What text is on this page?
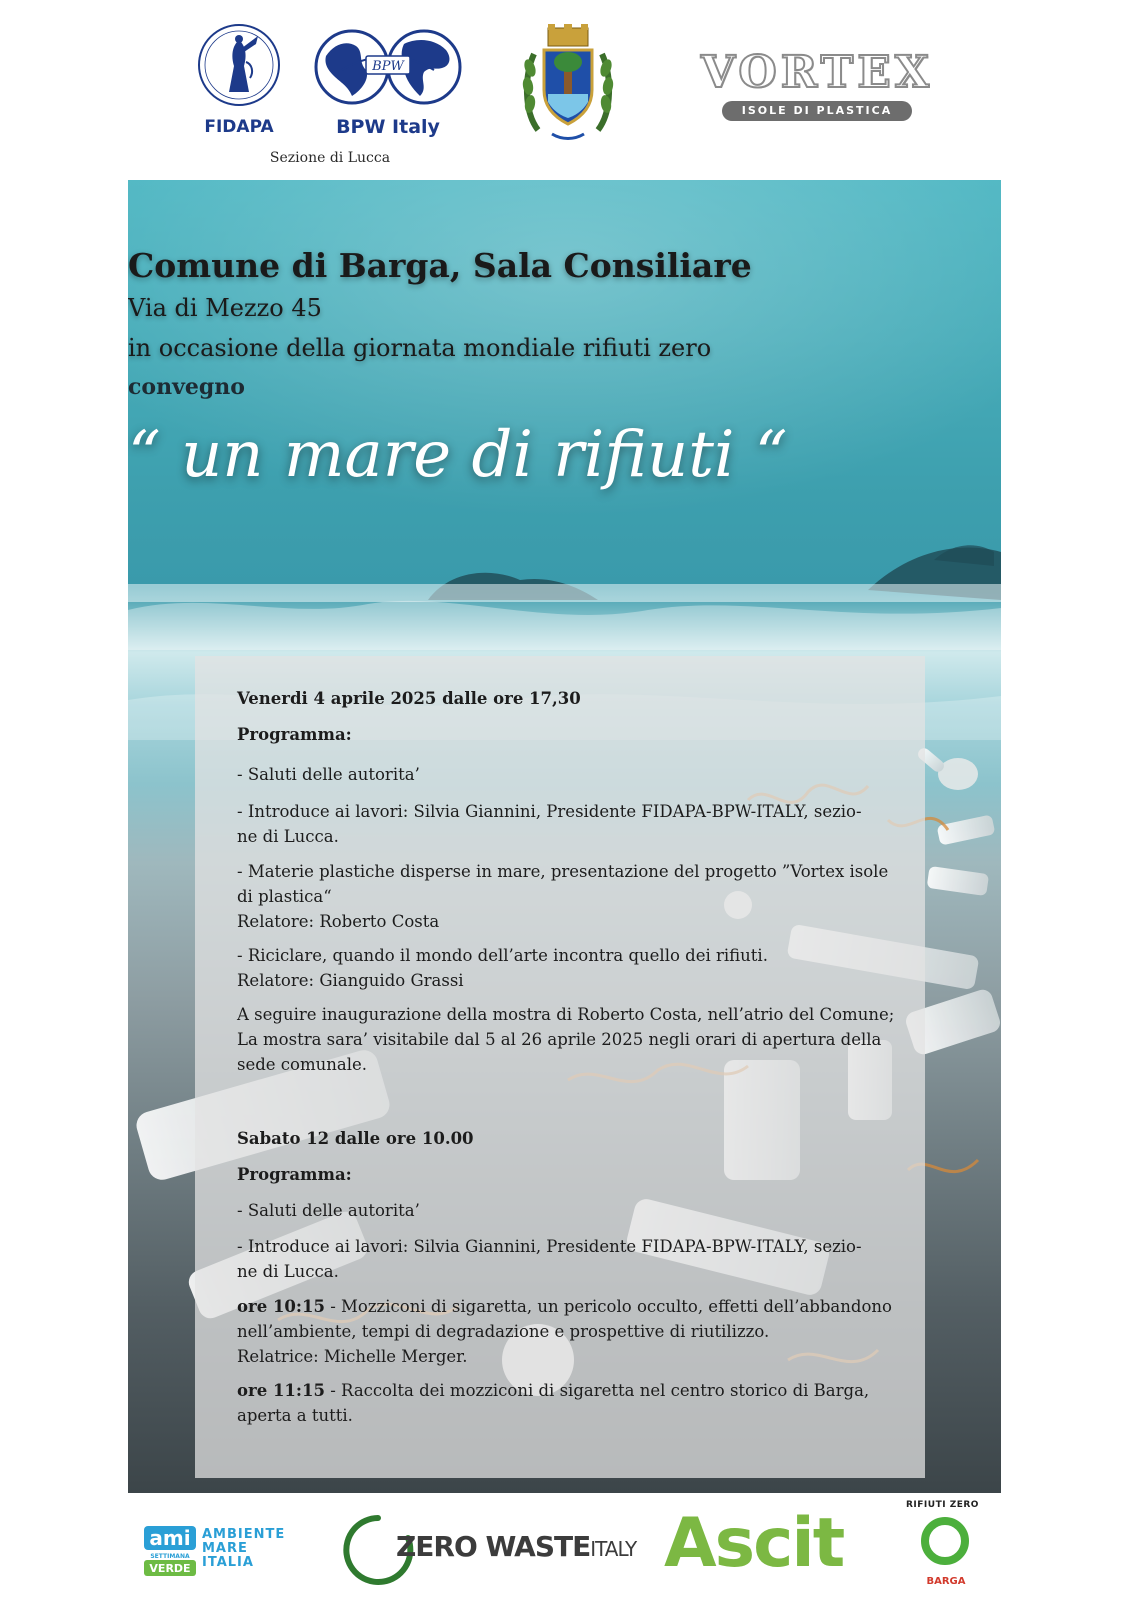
FIDAPA
BPW
BPW Italy
Sezione di Lucca
VORTEX
ISOLE DI PLASTICA
Comune di Barga, Sala Consiliare
Via di Mezzo 45
in occasione della giornata mondiale rifiuti zero
convegno
“ un mare di rifiuti “
Venerdi 4 aprile 2025 dalle ore 17,30
Programma:
- Saluti delle autorita’
- Introduce ai lavori: Silvia Giannini, Presidente FIDAPA-BPW-ITALY, sezio-
ne di Lucca.
- Materie plastiche disperse in mare, presentazione del progetto ”Vortex isole
di plastica“
Relatore: Roberto Costa
- Riciclare, quando il mondo dell’arte incontra quello dei rifiuti.
Relatore: Gianguido Grassi
A seguire inaugurazione della mostra di Roberto Costa, nell’atrio del Comune;
La mostra sara’ visitabile dal 5 al 26 aprile 2025 negli orari di apertura della
sede comunale.
Sabato 12 dalle ore 10.00
Programma:
- Saluti delle autorita’
- Introduce ai lavori: Silvia Giannini, Presidente FIDAPA-BPW-ITALY, sezio-
ne di Lucca.
ore 10:15 - Mozziconi di sigaretta, un pericolo occulto, effetti dell’abbandono
nell’ambiente, tempi di degradazione e prospettive di riutilizzo.
Relatrice: Michelle Merger.
ore 11:15 - Raccolta dei mozziconi di sigaretta nel centro storico di Barga,
aperta a tutti.
ami
SETTIMANA
VERDE
AMBIENTE
MARE
ITALIA	ZERO WASTEITALY Ascit	RIFIUTI ZERO
BARGA
